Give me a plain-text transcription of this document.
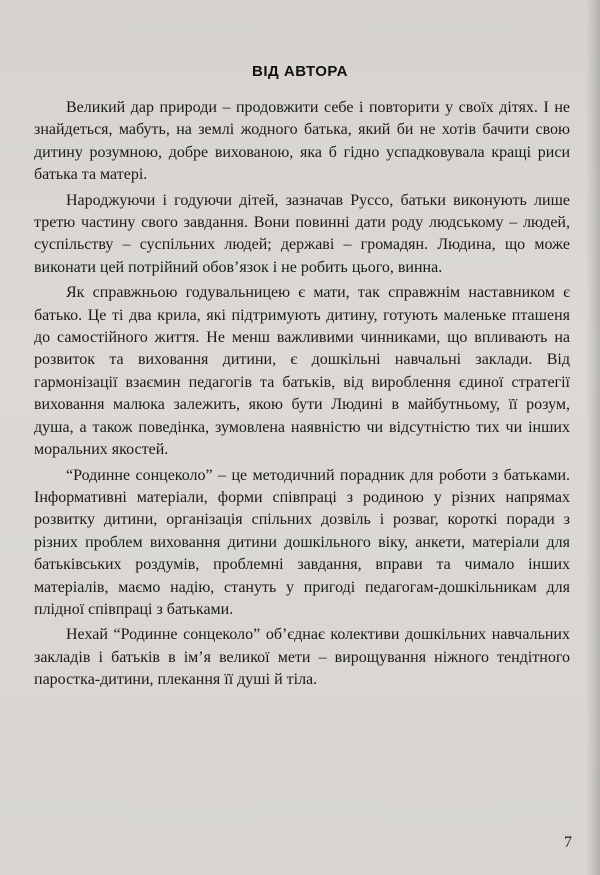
ВІД АВТОРА

Великий дар природи – продовжити себе і повторити у своїх дітях. І не знайдеться, мабуть, на землі жодного батька, який би не хотів бачити свою дитину розумною, добре вихованою, яка б гідно успадковувала кращі риси батька та матері.

Народжуючи і годуючи дітей, зазначав Руссо, батьки виконують лише третю частину свого завдання. Вони повинні дати роду людському – людей, суспільству – суспільних людей; державі – громадян. Людина, що може виконати цей потрійний обов’язок і не робить цього, винна.

Як справжньою годувальницею є мати, так справжнім наставником є батько. Це ті два крила, які підтримують дитину, готують маленьке пташеня до самостійного життя. Не менш важливими чинниками, що впливають на розвиток та виховання дитини, є дошкільні навчальні заклади. Від гармонізації взаємин педагогів та батьків, від вироблення єдиної стратегії виховання малюка залежить, якою бути Людині в майбутньому, її розум, душа, а також поведінка, зумовлена наявністю чи відсутністю тих чи інших моральних якостей.

“Родинне сонцеколо” – це методичний порадник для роботи з батьками. Інформативні матеріали, форми співпраці з родиною у різних напрямах розвитку дитини, організація спільних дозвіль і розваг, короткі поради з різних проблем виховання дитини дошкільного віку, анкети, матеріали для батьківських роздумів, проблемні завдання, вправи та чимало інших матеріалів, маємо надію, стануть у пригоді педагогам-дошкільникам для плідної співпраці з батьками.

Нехай “Родинне сонцеколо” об’єднає колективи дошкільних навчальних закладів і батьків в ім’я великої мети – вирощування ніжного тендітного паростка-дитини, плекання її душі й тіла.

7
